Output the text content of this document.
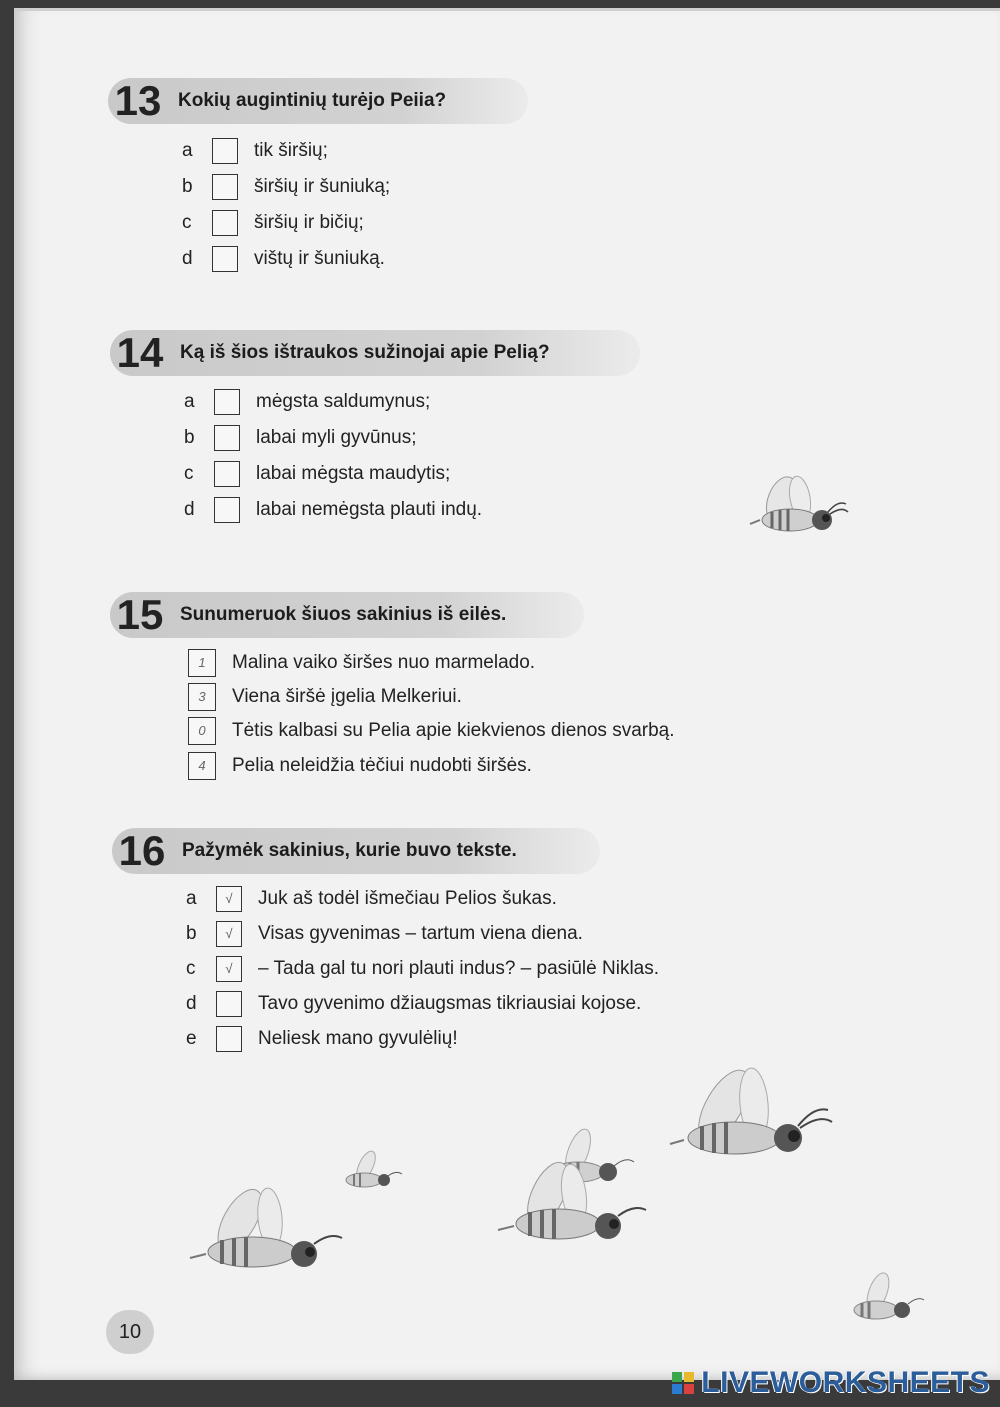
13 Kokių augintinių turėjo Peiia?
a	tik širšių;
b	širšių ir šuniuką;
c	širšių ir bičių;
d	vištų ir šuniuką.
14 Ką iš šios ištraukos sužinojai apie Pelią?
a	mėgsta saldumynus;
b	labai myli gyvūnus;
c	labai mėgsta maudytis;
d	labai nemėgsta plauti indų.
15 Sunumeruok šiuos sakinius iš eilės.
1	Malina vaiko širšes nuo marmelado.
3	Viena širšė įgelia Melkeriui.
0	Tėtis kalbasi su Pelia apie kiekvienos dienos svarbą.
4	Pelia neleidžia tėčiui nudobti širšės.
16 Pažymėk sakinius, kurie buvo tekste.
a	√	Juk aš todėl išmečiau Pelios šukas.
b	√	Visas gyvenimas – tartum viena diena.
c	√	– Tada gal tu nori plauti indus? – pasiūlė Niklas.
d	Tavo gyvenimo džiaugsmas tikriausiai kojose.
e	Neliesk mano gyvulėlių!
10
LIVEWORKSHEETS
